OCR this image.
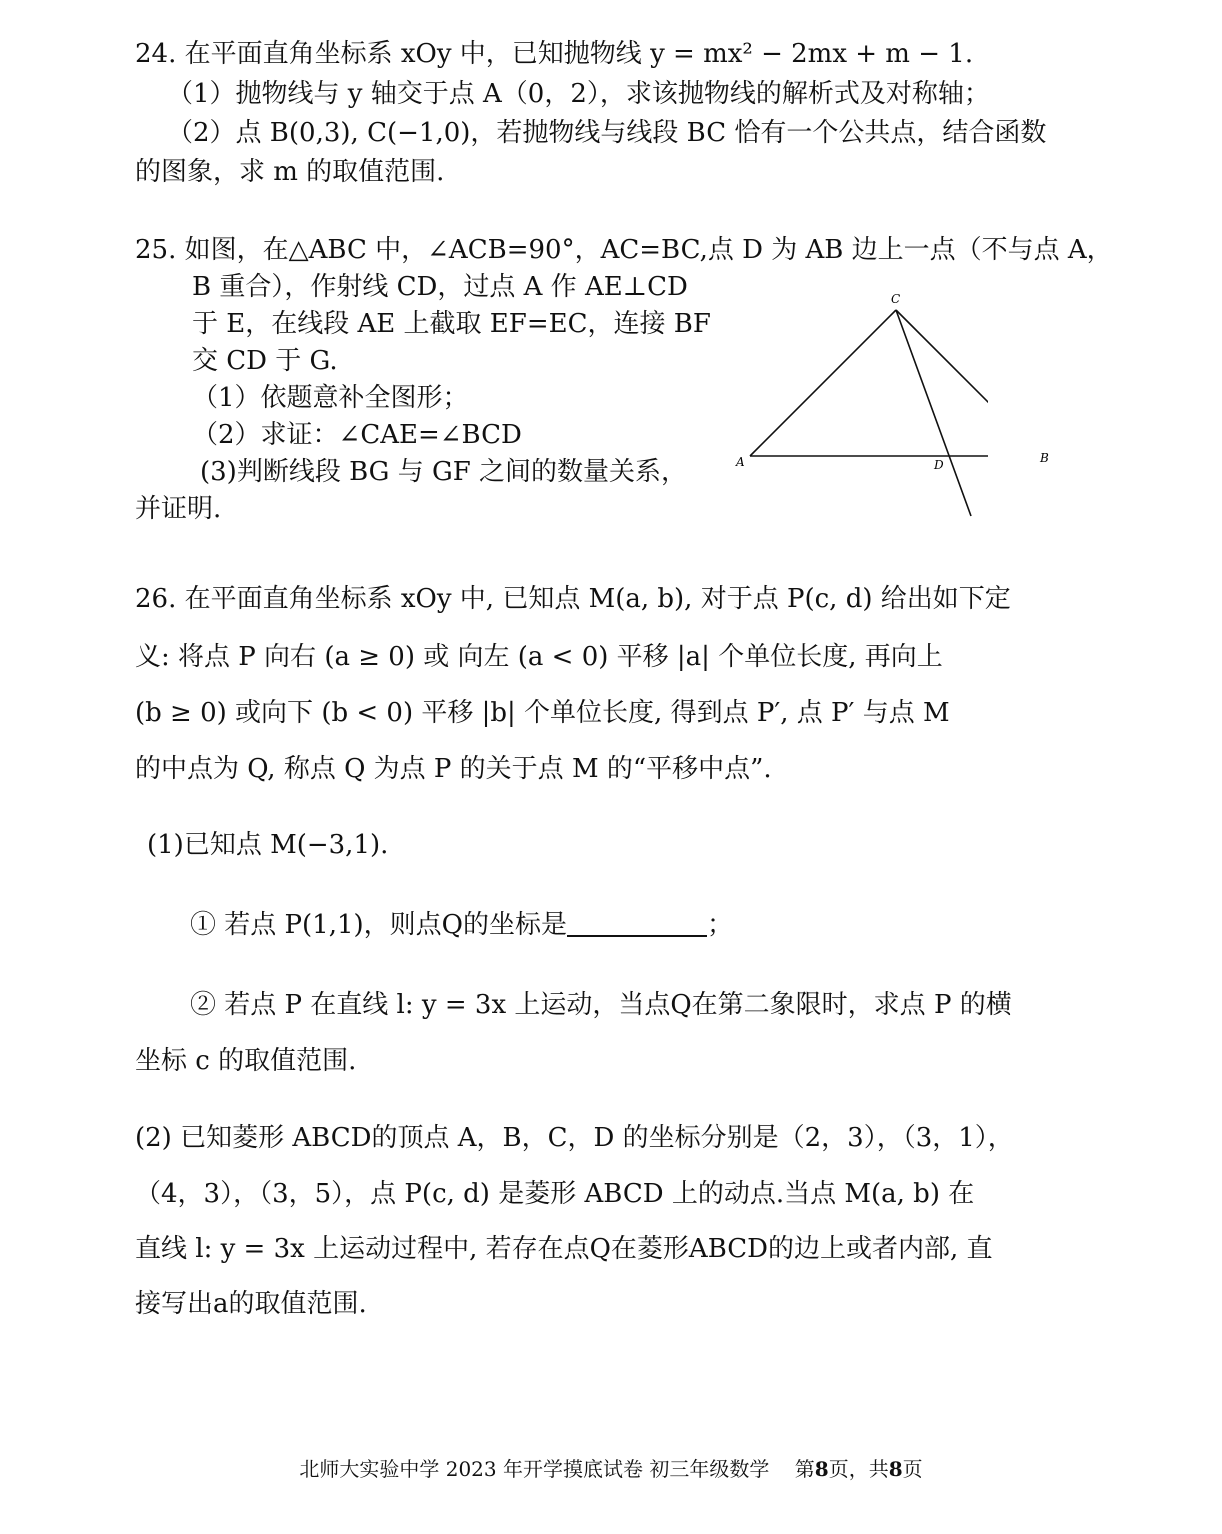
24. 在平面直角坐标系 xOy 中，已知抛物线 y = mx² − 2mx + m − 1.
（1）抛物线与 y 轴交于点 A（0，2），求该抛物线的解析式及对称轴；
（2）点 B(0,3), C(−1,0)，若抛物线与线段 BC 恰有一个公共点，结合函数
的图象，求 m 的取值范围.
25. 如图，在△ABC 中，∠ACB=90°，AC=BC,点 D 为 AB 边上一点（不与点 A，
B 重合），作射线 CD，过点 A 作 AE⊥CD
于 E，在线段 AE 上截取 EF=EC，连接 BF
交 CD 于 G.
（1）依题意补全图形；
（2）求证：∠CAE=∠BCD
(3)判断线段 BG 与 GF 之间的数量关系，
并证明.
C
A	D	B
26. 在平面直角坐标系 xOy 中, 已知点 M(a, b), 对于点 P(c, d) 给出如下定
义: 将点 P 向右 (a ≥ 0) 或 向左 (a < 0) 平移 |a| 个单位长度, 再向上
(b ≥ 0) 或向下 (b < 0) 平移 |b| 个单位长度, 得到点 P′, 点 P′ 与点 M
的中点为 Q, 称点 Q 为点 P 的关于点 M 的“平移中点”.
(1)已知点 M(−3,1).
① 若点 P(1,1)，则点Q的坐标是	；
② 若点 P 在直线 l: y = 3x 上运动，当点Q在第二象限时，求点 P 的横
坐标 c 的取值范围.
(2) 已知菱形 ABCD的顶点 A，B，C，D 的坐标分别是（2，3），（3，1），
（4，3），（3，5），点 P(c, d) 是菱形 ABCD 上的动点.当点 M(a, b) 在
直线 l: y = 3x 上运动过程中, 若存在点Q在菱形ABCD的边上或者内部, 直
接写出a的取值范围.
北师大实验中学 2023 年开学摸底试卷 初三年级数学 第8页，共8页
